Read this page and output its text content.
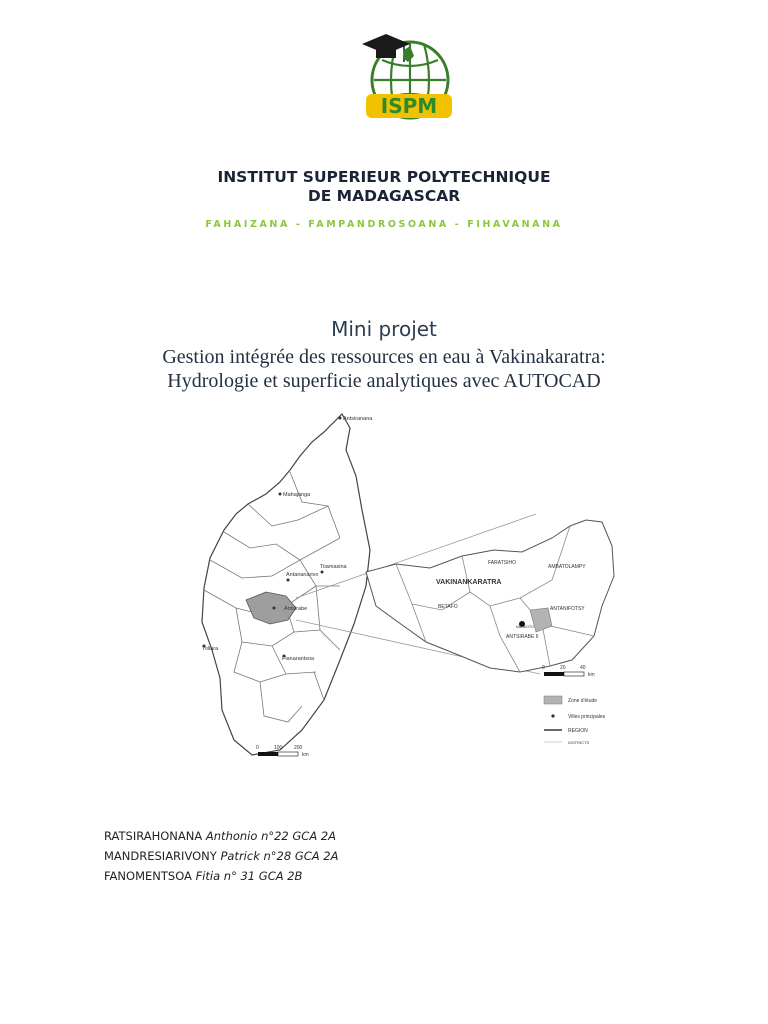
ISPM
INSTITUT SUPERIEUR POLYTECHNIQUE
DE MADAGASCAR
FAHAIZANA - FAMPANDROSOANA - FIHAVANANA
Mini projet
Gestion intégrée des ressources en eau à Vakinakaratra:
Hydrologie et superficie analytiques avec AUTOCAD
Antsiranana
Mahajanga
Antananarivo
Toamasina
Antsirabe
Fianarantsoa
Toliara
0	100 200
km
VAKINANKARATRA
FARATSIHO
AMBATOLAMPY
BETAFO	ANTANIFOTSY
ANTSIRABE II
MANDOTO
0	20	40
km
Zone d'étude
Villes principales
REGION
DISTRICTS
RATSIRAHONANA Anthonio n°22 GCA 2A
MANDRESIARIVONY Patrick n°28 GCA 2A
FANOMENTSOA Fitia n° 31 GCA 2B
